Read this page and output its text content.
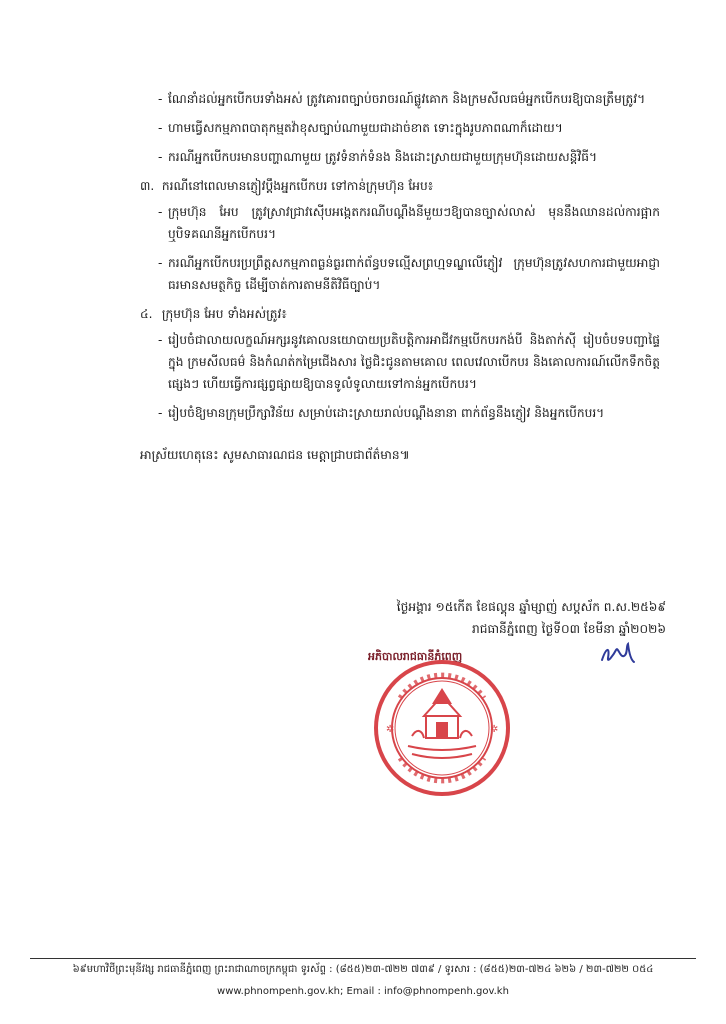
- ណែនាំដល់អ្នកបើកបរទាំងអស់ ត្រូវគោរពច្បាប់ចរាចរណ៍ផ្លូវគោក និងក្រមសីលធម៌អ្នកបើកបរឱ្យបានត្រឹមត្រូវ។
- ហាមធ្វើសកម្មភាពបាតុកម្មតវ៉ាខុសច្បាប់ណាមួយជាដាច់ខាត ទោះក្នុងរូបភាពណាក៏ដោយ។
- ករណីអ្នកបើកបរមានបញ្ហាណាមួយ ត្រូវទំនាក់ទំនង និងដោះស្រាយជាមួយក្រុមហ៊ុនដោយសន្តិវិធី។
៣. ករណីនៅពេលមានភ្ញៀវប្តឹងអ្នកបើកបរ ទៅកាន់ក្រុមហ៊ុន អែប៖
- ក្រុមហ៊ុន អែប ត្រូវស្រាវជ្រាវស៊ើបអង្កេតករណីបណ្តឹងនីមួយៗឱ្យបានច្បាស់លាស់ មុននឹងឈានដល់ការផ្អាក ឬបិទគណនីអ្នកបើកបរ។
- ករណីអ្នកបើកបរប្រព្រឹត្តសកម្មភាពធ្ងន់ធ្ងរពាក់ព័ន្ធបទល្មើសព្រហ្មទណ្ឌលើភ្ញៀវ ក្រុមហ៊ុនត្រូវសហការជាមួយអាជ្ញាធរមានសមត្ថកិច្ច ដើម្បីចាត់ការតាមនីតិវិធីច្បាប់។
៤. ក្រុមហ៊ុន អែប ទាំងអស់ត្រូវ៖
- រៀបចំជាលាយលក្ខណ៍អក្សរនូវគោលនយោបាយប្រតិបត្តិការអាជីវកម្មបើកបរកង់បី និងតាក់ស៊ី រៀបចំបទបញ្ជាផ្ទៃក្នុង ក្រមសីលធម៌ និងកំណត់កម្រៃជើងសារ ថ្លៃជិះជូនតាមគោល ពេលវេលាបើកបរ និងគោលការណ៍លើកទឹកចិត្តផ្សេងៗ ហើយធ្វើការផ្សព្វផ្សាយឱ្យបានទូលំទូលាយទៅកាន់អ្នកបើកបរ។
- រៀបចំឱ្យមានក្រុមប្រឹក្សាវិន័យ សម្រាប់ដោះស្រាយរាល់បណ្តឹងនានា ពាក់ព័ន្ធនឹងភ្ញៀវ និងអ្នកបើកបរ។
អាស្រ័យហេតុនេះ សូមសាធារណជន មេត្តាជ្រាបជាព័ត៌មាន៕
ថ្ងៃអង្គារ ១៥កើត ខែផល្គុន ឆ្នាំម្សាញ់ សប្តស័ក ព.ស.២៥៦៩
រាជធានីភ្នំពេញ ថ្ងៃទី០៣ ខែមីនា ឆ្នាំ២០២៦
អភិបាលរាជធានីភ្នំពេញ
✲	✲
៦៩មហាវិថីព្រះមុនីវង្ស រាជធានីភ្នំពេញ ព្រះរាជាណាចក្រកម្ពុជា ទូរស័ព្ទ : (៨៥៥)២៣-៧២២ ៧៣៩ / ទូរសារ : (៨៥៥)២៣-៧២៤ ៦២៦ / ២៣-៧២២ ០៥៤
www.phnompenh.gov.kh; Email : info@phnompenh.gov.kh
